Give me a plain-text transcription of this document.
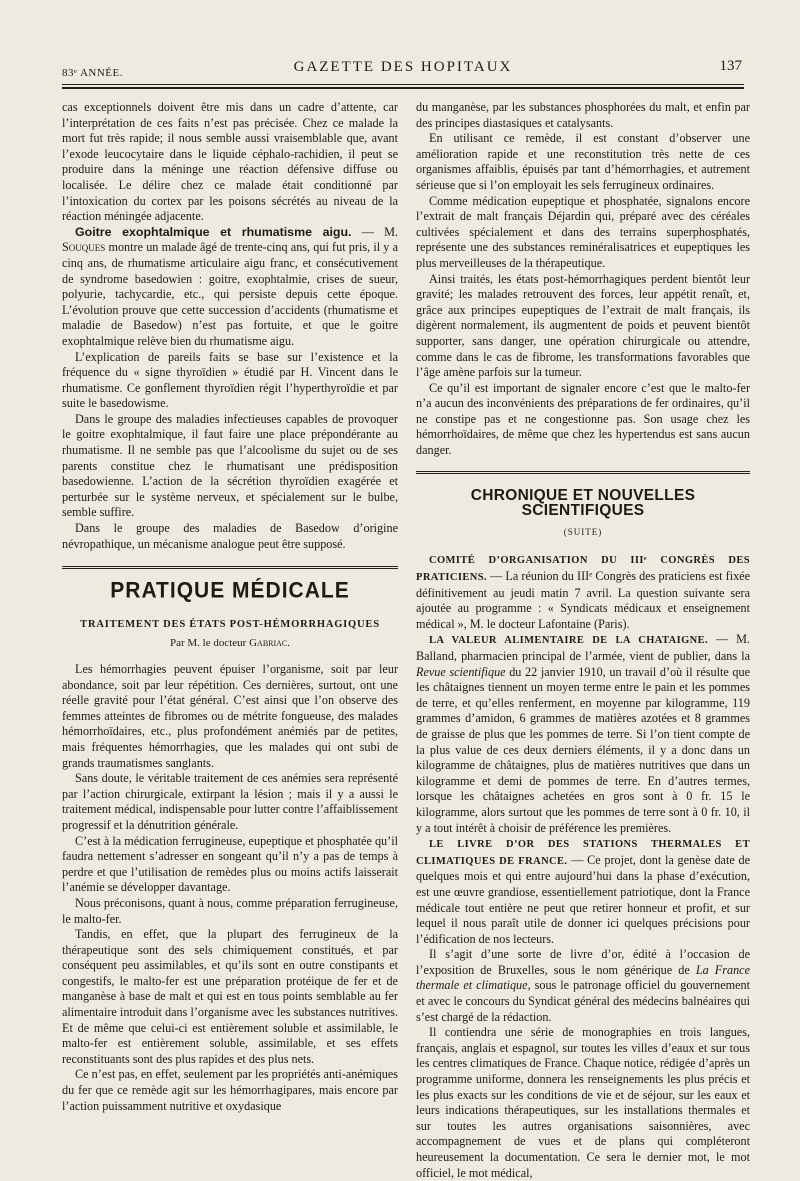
83ᵉ ANNÉE.	GAZETTE DES HOPITAUX	137

cas exceptionnels doivent être mis dans un cadre d’attente, car l’interprétation de ces faits n’est pas précisée. Chez ce malade la mort fut très rapide; il nous semble aussi vraisemblable que, avant l’exode leucocytaire dans le liquide céphalo-rachidien, il peut se produire dans la méninge une réaction défensive diffuse ou localisée. Le délire chez ce malade était conditionné par l’intoxication du cortex par les poisons sécrétés au niveau de la réaction méningée adjacente.

Goitre exophtalmique et rhumatisme aigu. — M. Souques montre un malade âgé de trente-cinq ans, qui fut pris, il y a cinq ans, de rhumatisme articulaire aigu franc, et consécutivement de syndrome basedowien : goitre, exophtalmie, crises de sueur, polyurie, tachycardie, etc., qui persiste depuis cette époque. L’évolution prouve que cette succession d’accidents (rhumatisme et maladie de Basedow) n’est pas fortuite, et que le goitre exophtalmique relève bien du rhumatisme aigu.

L’explication de pareils faits se base sur l’existence et la fréquence du « signe thyroïdien » étudié par H. Vincent dans le rhumatisme. Ce gonflement thyroïdien régit l’hyperthyroïdie et par suite le basedowisme.

Dans le groupe des maladies infectieuses capables de provoquer le goitre exophtalmique, il faut faire une place prépondérante au rhumatisme. Il ne semble pas que l’alcoolisme du sujet ou de ses parents constitue chez le rhumatisant une prédisposition basedowienne. L’action de la sécrétion thyroïdien exagérée et perturbée sur le système nerveux, et spécialement sur le bulbe, semble suffire.

Dans le groupe des maladies de Basedow d’origine névropathique, un mécanisme analogue peut être supposé.

PRATIQUE MÉDICALE
TRAITEMENT DES ÉTATS POST-HÉMORRHAGIQUES
Par M. le docteur Gabriac.

Les hémorrhagies peuvent épuiser l’organisme, soit par leur abondance, soit par leur répétition. Ces dernières, surtout, ont une réelle gravité pour l’état général. C’est ainsi que l’on observe des femmes atteintes de fibromes ou de métrite fongueuse, des malades hémorrhoïdaires, etc., plus profondément anémiés par de petites, mais fréquentes hémorrhagies, que les malades qui ont subi de grands traumatismes sanglants.

Sans doute, le véritable traitement de ces anémies sera représenté par l’action chirurgicale, extirpant la lésion ; mais il y a aussi le traitement médical, indispensable pour lutter contre l’affaiblissement progressif et la dénutrition générale.

C’est à la médication ferrugineuse, eupeptique et phosphatée qu’il faudra nettement s’adresser en songeant qu’il n’y a pas de temps à perdre et que l’utilisation de remèdes plus ou moins actifs laisserait l’anémie se développer davantage.

Nous préconisons, quant à nous, comme préparation ferrugineuse, le malto-fer.

Tandis, en effet, que la plupart des ferrugineux de la thérapeutique sont des sels chimiquement constitués, et par conséquent peu assimilables, et qu’ils sont en outre constipants et congestifs, le malto-fer est une préparation protéique de fer et de manganèse à base de malt et qui est en tous points semblable au fer alimentaire introduit dans l’organisme avec les substances nutritives. Et de même que celui-ci est entièrement soluble et assimilable, le malto-fer est entièrement soluble, assimilable, et ses effets reconstituants sont des plus rapides et des plus nets.

Ce n’est pas, en effet, seulement par les propriétés anti-anémiques du fer que ce remède agit sur les hémorrhagipares, mais encore par l’action puissamment nutritive et oxydasique

du manganèse, par les substances phosphorées du malt, et enfin par des principes diastasiques et catalysants.

En utilisant ce remède, il est constant d’observer une amélioration rapide et une reconstitution très nette de ces organismes affaiblis, épuisés par tant d’hémorrhagies, et autrement sérieuse que si l’on employait les sels ferrugineux ordinaires.

Comme médication eupeptique et phosphatée, signalons encore l’extrait de malt français Déjardin qui, préparé avec des céréales cultivées spécialement et dans des terrains superphosphatés, représente une des substances reminéralisatrices et eupeptiques les plus merveilleuses de la thérapeutique.

Ainsi traités, les états post-hémorrhagiques perdent bientôt leur gravité; les malades retrouvent des forces, leur appétit renaît, et, grâce aux principes eupeptiques de l’extrait de malt français, ils digèrent normalement, ils augmentent de poids et peuvent bientôt supporter, sans danger, une opération chirurgicale ou attendre, comme dans le cas de fibrome, les transformations favorables que l’âge amène parfois sur la tumeur.

Ce qu’il est important de signaler encore c’est que le malto-fer n’a aucun des inconvénients des préparations de fer ordinaires, qu’il ne constipe pas et ne congestionne pas. Son usage chez les hémorrhoïdaires, de même que chez les hypertendus est sans aucun danger.

CHRONIQUE ET NOUVELLES SCIENTIFIQUES
(SUITE)

COMITÉ D’ORGANISATION DU IIIᵉ CONGRÈS DES PRATICIENS. — La réunion du IIIᵉ Congrès des praticiens est fixée définitivement au jeudi matin 7 avril. La question suivante sera ajoutée au programme : « Syndicats médicaux et enseignement médical », M. le docteur Lafontaine (Paris).

LA VALEUR ALIMENTAIRE DE LA CHATAIGNE. — M. Balland, pharmacien principal de l’armée, vient de publier, dans la Revue scientifique du 22 janvier 1910, un travail d’où il résulte que les châtaignes tiennent un moyen terme entre le pain et les pommes de terre, et qu’elles renferment, en moyenne par kilogramme, 119 grammes d’amidon, 6 grammes de matières azotées et 8 grammes de graisse de plus que les pommes de terre. Si l’on tient compte de la plus value de ces deux derniers éléments, il y a donc dans un kilogramme de châtaignes, plus de matières nutritives que dans un kilogramme et demi de pommes de terre. En d’autres termes, lorsque les châtaignes achetées en gros sont à 0 fr. 15 le kilogramme, alors surtout que les pommes de terre sont à 0 fr. 10, il y a tout intérêt à choisir de préférence les premières.

LE LIVRE D’OR DES STATIONS THERMALES ET CLIMATIQUES DE FRANCE. — Ce projet, dont la genèse date de quelques mois et qui entre aujourd’hui dans la phase d’exécution, est une œuvre grandiose, essentiellement patriotique, dont la France médicale tout entière ne peut que retirer honneur et profit, et sur lequel il nous paraît utile de donner ici quelques précisions pour l’édification de nos lecteurs.

Il s’agit d’une sorte de livre d’or, édité à l’occasion de l’exposition de Bruxelles, sous le nom générique de La France thermale et climatique, sous le patronage officiel du gouvernement et avec le concours du Syndicat général des médecins balnéaires qui s’est chargé de la rédaction.

Il contiendra une série de monographies en trois langues, français, anglais et espagnol, sur toutes les villes d’eaux et sur tous les centres climatiques de France. Chaque notice, rédigée d’après un programme uniforme, donnera les renseignements les plus précis et les plus exacts sur les conditions de vie et de séjour, sur les eaux et leurs indications thérapeutiques, sur les installations thermales et sur toutes les autres organisations saisonnières, avec accompagnement de vues et de plans qui compléteront heureusement la documentation. Ce sera le dernier mot, le mot officiel, le mot médical,
